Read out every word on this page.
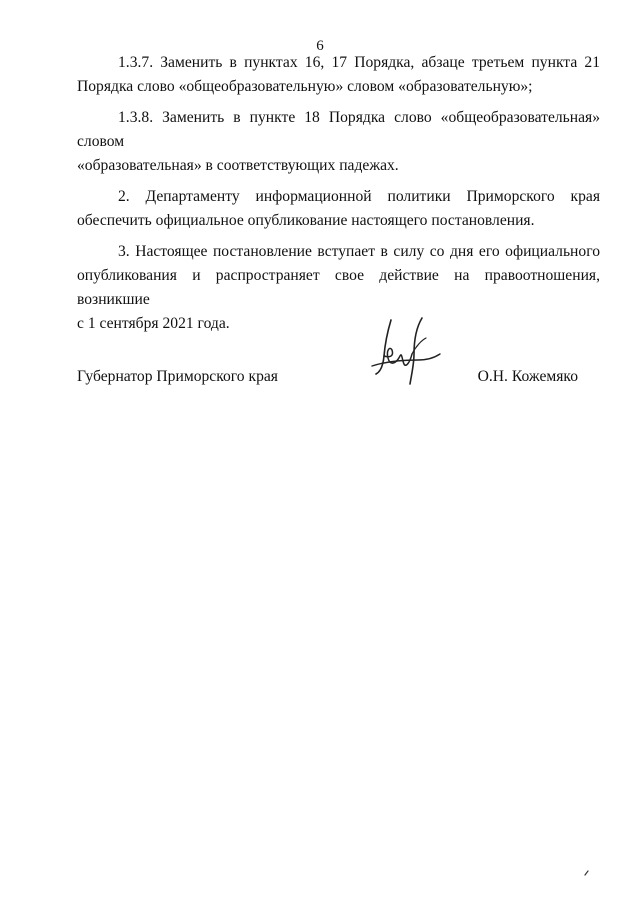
6

1.3.7. Заменить в пунктах 16, 17 Порядка, абзаце третьем пункта 21

Порядка слово «общеобразовательную» словом «образовательную»;

1.3.8. Заменить в пункте 18 Порядка слово «общеобразовательная» словом

«образовательная» в соответствующих падежах.

2. Департаменту информационной политики Приморского края

обеспечить официальное опубликование настоящего постановления.

3. Настоящее постановление вступает в силу со дня его официального

опубликования и распространяет свое действие на правоотношения, возникшие

с 1 сентября 2021 года.

Губернатор Приморского края	О.Н. Кожемяко
